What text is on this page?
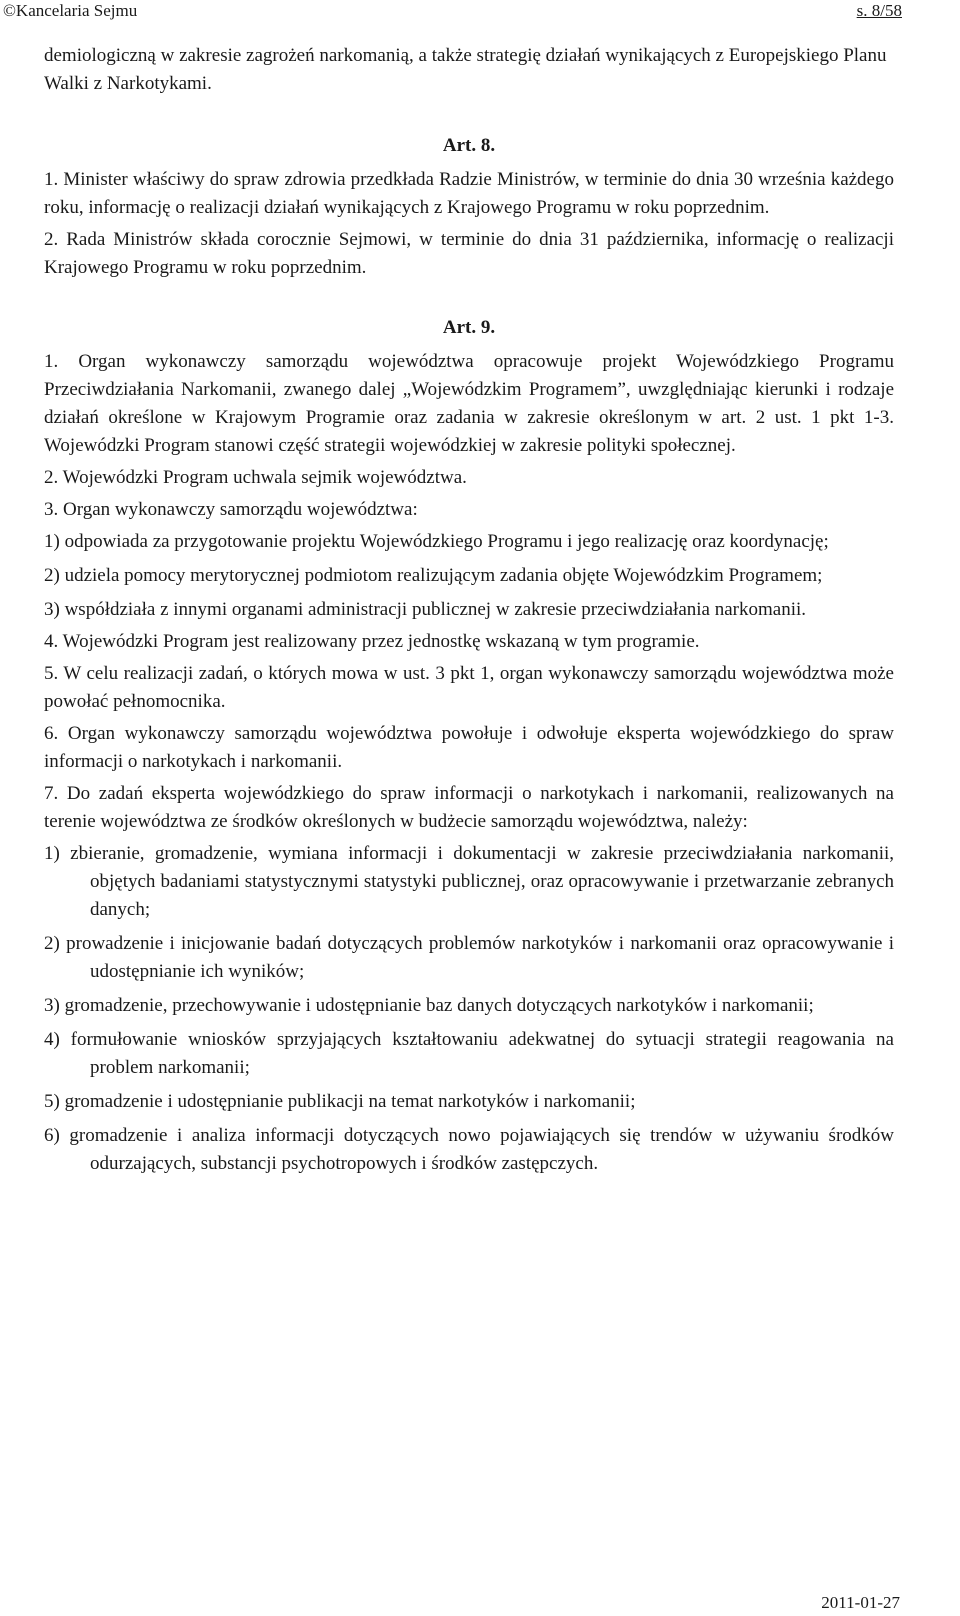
©Kancelaria Sejmu	s. 8/58
demiologiczną w zakresie zagrożeń narkomanią, a także strategię działań wynikających z Europejskiego Planu Walki z Narkotykami.
Art. 8.
1. Minister właściwy do spraw zdrowia przedkłada Radzie Ministrów, w terminie do dnia 30 września każdego roku, informację o realizacji działań wynikających z Krajowego Programu w roku poprzednim.
2. Rada Ministrów składa corocznie Sejmowi, w terminie do dnia 31 października, informację o realizacji Krajowego Programu w roku poprzednim.
Art. 9.
1. Organ wykonawczy samorządu województwa opracowuje projekt Wojewódzkiego Programu Przeciwdziałania Narkomanii, zwanego dalej „Wojewódzkim Programem”, uwzględniając kierunki i rodzaje działań określone w Krajowym Programie oraz zadania w zakresie określonym w art. 2 ust. 1 pkt 1-3. Wojewódzki Program stanowi część strategii wojewódzkiej w zakresie polityki społecznej.
2. Wojewódzki Program uchwala sejmik województwa.
3. Organ wykonawczy samorządu województwa:
1) odpowiada za przygotowanie projektu Wojewódzkiego Programu i jego realizację oraz koordynację;
2) udziela pomocy merytorycznej podmiotom realizującym zadania objęte Wojewódzkim Programem;
3) współdziała z innymi organami administracji publicznej w zakresie przeciwdziałania narkomanii.
4. Wojewódzki Program jest realizowany przez jednostkę wskazaną w tym programie.
5. W celu realizacji zadań, o których mowa w ust. 3 pkt 1, organ wykonawczy samorządu województwa może powołać pełnomocnika.
6. Organ wykonawczy samorządu województwa powołuje i odwołuje eksperta wojewódzkiego do spraw informacji o narkotykach i narkomanii.
7. Do zadań eksperta wojewódzkiego do spraw informacji o narkotykach i narkomanii, realizowanych na terenie województwa ze środków określonych w budżecie samorządu województwa, należy:
1) zbieranie, gromadzenie, wymiana informacji i dokumentacji w zakresie przeciwdziałania narkomanii, objętych badaniami statystycznymi statystyki publicznej, oraz opracowywanie i przetwarzanie zebranych danych;
2) prowadzenie i inicjowanie badań dotyczących problemów narkotyków i narkomanii oraz opracowywanie i udostępnianie ich wyników;
3) gromadzenie, przechowywanie i udostępnianie baz danych dotyczących narkotyków i narkomanii;
4) formułowanie wniosków sprzyjających kształtowaniu adekwatnej do sytuacji strategii reagowania na problem narkomanii;
5) gromadzenie i udostępnianie publikacji na temat narkotyków i narkomanii;
6) gromadzenie i analiza informacji dotyczących nowo pojawiających się trendów w używaniu środków odurzających, substancji psychotropowych i środków zastępczych.
2011-01-27
